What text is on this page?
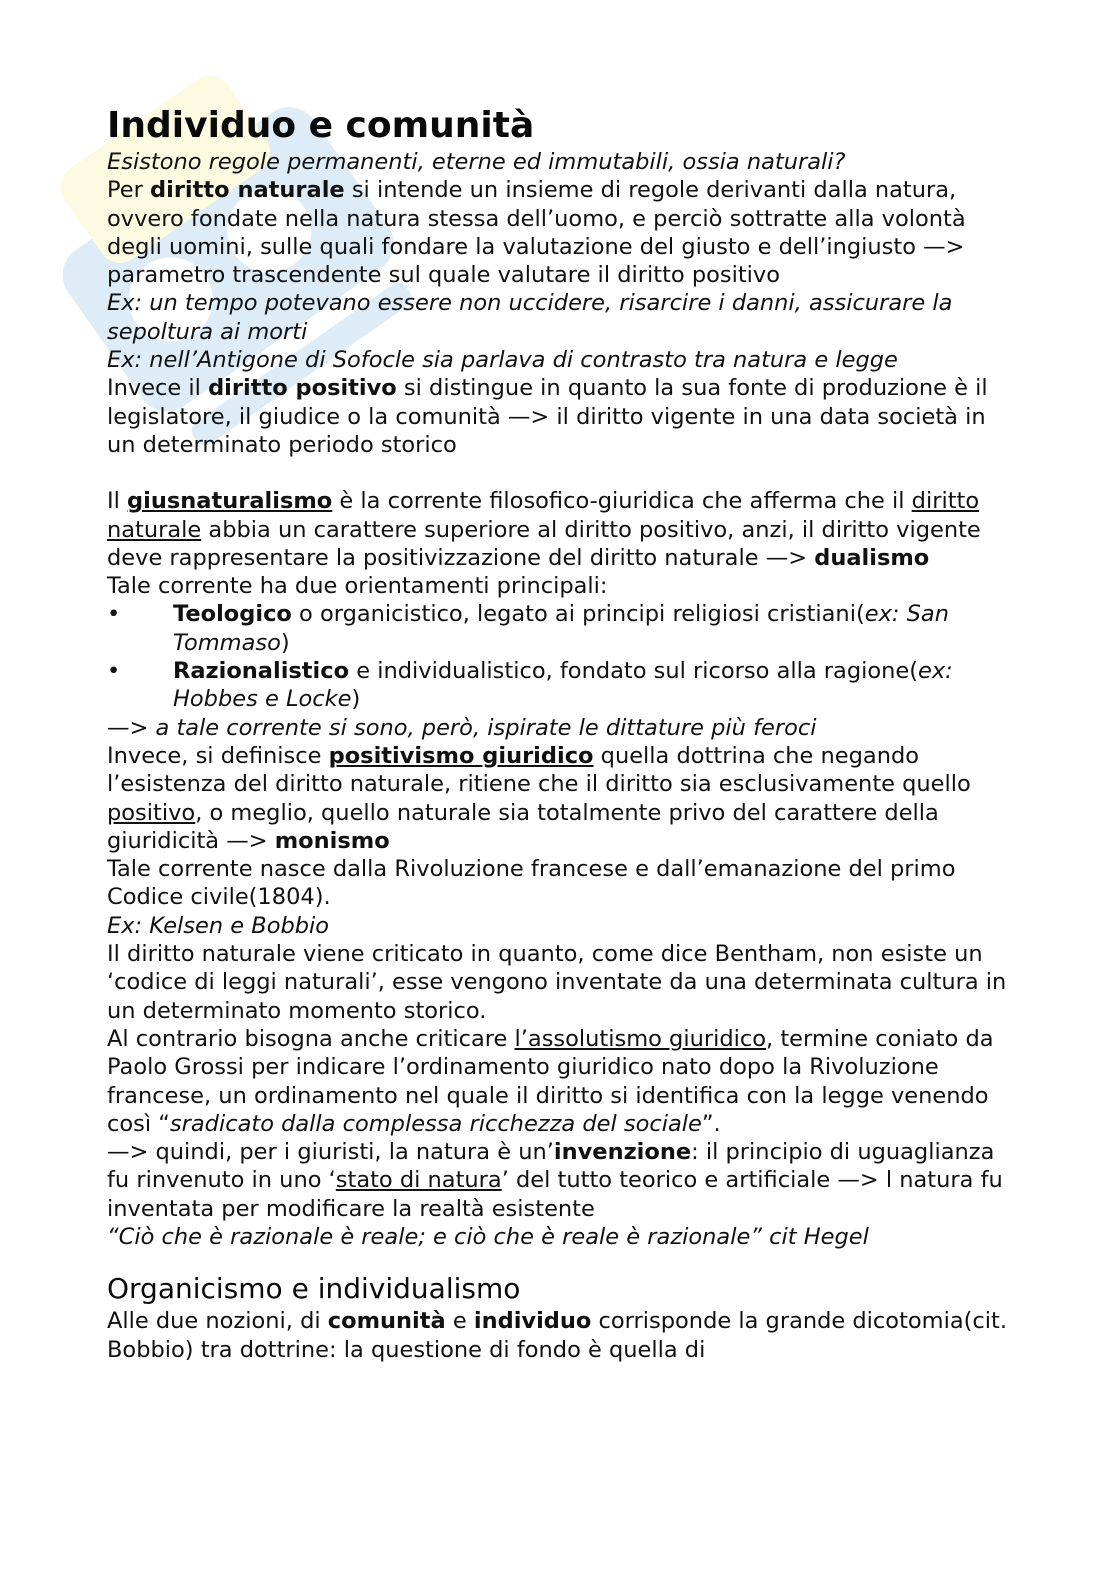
Individuo e comunità

Esistono regole permanenti, eterne ed immutabili, ossia naturali?

Per diritto naturale si intende un insieme di regole derivanti dalla natura, ovvero fondate nella natura stessa dell’uomo, e perciò sottratte alla volontà degli uomini, sulle quali fondare la valutazione del giusto e dell’ingiusto —> parametro trascendente sul quale valutare il diritto positivo

Ex: un tempo potevano essere non uccidere, risarcire i danni, assicurare la sepoltura ai morti

Ex: nell’Antigone di Sofocle sia parlava di contrasto tra natura e legge

Invece il diritto positivo si distingue in quanto la sua fonte di produzione è il legislatore, il giudice o la comunità —> il diritto vigente in una data società in un determinato periodo storico

Il giusnaturalismo è la corrente filosofico-giuridica che afferma che il diritto naturale abbia un carattere superiore al diritto positivo, anzi, il diritto vigente deve rappresentare la positivizzazione del diritto naturale —> dualismo

Tale corrente ha due orientamenti principali:

• Teologico o organicistico, legato ai principi religiosi cristiani(ex: San Tommaso)

• Razionalistico e individualistico, fondato sul ricorso alla ragione(ex: Hobbes e Locke)

—> a tale corrente si sono, però, ispirate le dittature più feroci

Invece, si definisce positivismo giuridico quella dottrina che negando l’esistenza del diritto naturale, ritiene che il diritto sia esclusivamente quello positivo, o meglio, quello naturale sia totalmente privo del carattere della giuridicità —> monismo

Tale corrente nasce dalla Rivoluzione francese e dall’emanazione del primo Codice civile(1804).

Ex: Kelsen e Bobbio

Il diritto naturale viene criticato in quanto, come dice Bentham, non esiste un ‘codice di leggi naturali’, esse vengono inventate da una determinata cultura in un determinato momento storico.

Al contrario bisogna anche criticare l’assolutismo giuridico, termine coniato da Paolo Grossi per indicare l’ordinamento giuridico nato dopo la Rivoluzione francese, un ordinamento nel quale il diritto si identifica con la legge venendo così “sradicato dalla complessa ricchezza del sociale”.

—> quindi, per i giuristi, la natura è un’invenzione: il principio di uguaglianza fu rinvenuto in uno ‘stato di natura’ del tutto teorico e artificiale —> l natura fu inventata per modificare la realtà esistente

“Ciò che è razionale è reale; e ciò che è reale è razionale” cit Hegel

Organicismo e individualismo

Alle due nozioni, di comunità e individuo corrisponde la grande dicotomia(cit. Bobbio) tra dottrine: la questione di fondo è quella di
